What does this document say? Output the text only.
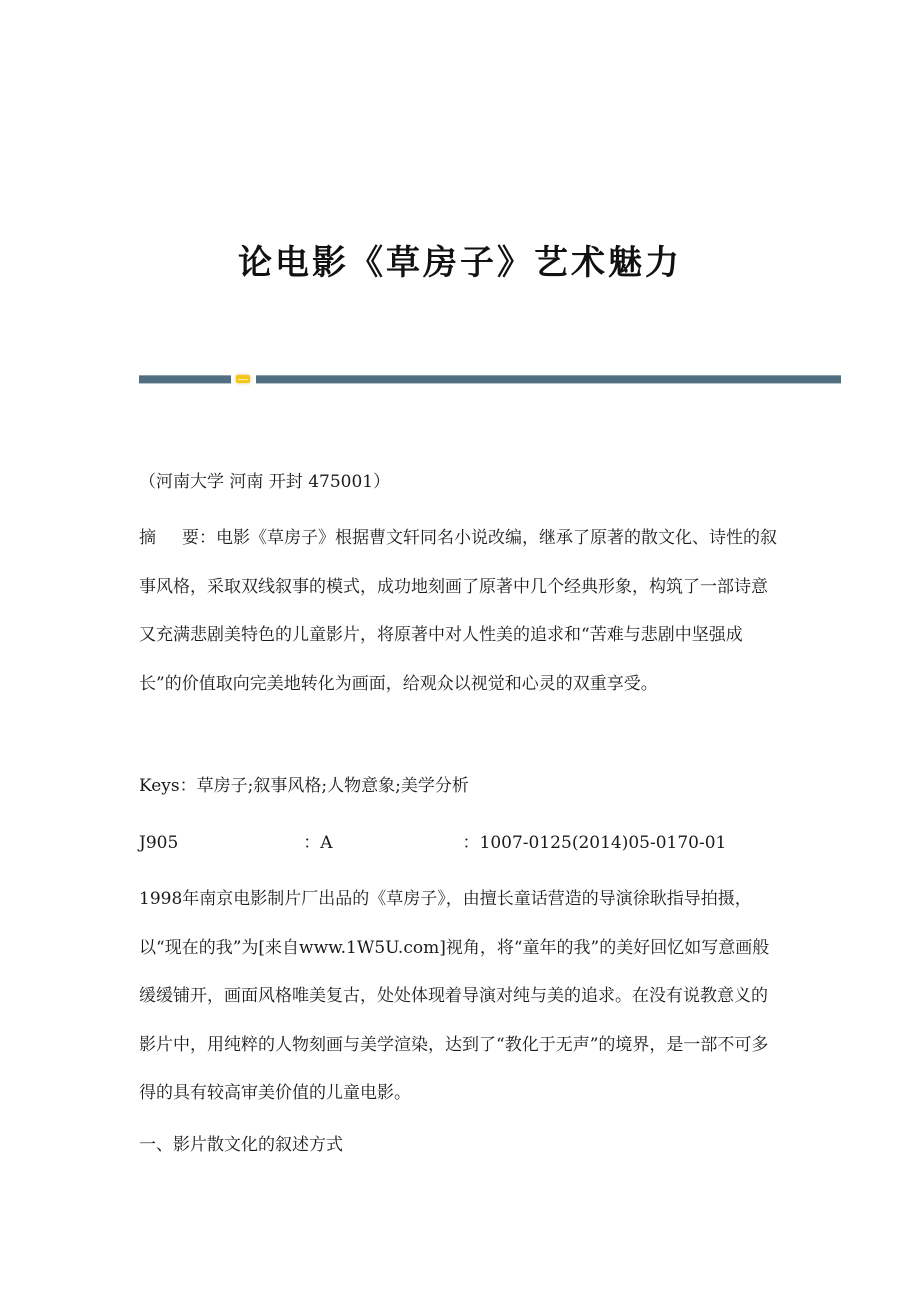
论电影《草房子》艺术魅力
（河南大学 河南 开封 475001）
摘 要：电影《草房子》根据曹文轩同名小说改编，继承了原著的散文化、诗性的叙事风格，采取双线叙事的模式，成功地刻画了原著中几个经典形象，构筑了一部诗意又充满悲剧美特色的儿童影片，将原著中对人性美的追求和“苦难与悲剧中坚强成长”的价值取向完美地转化为画面，给观众以视觉和心灵的双重享受。
Keys：草房子;叙事风格;人物意象;美学分析
J905	：A	：1007-0125(2014)05-0170-01
1998年南京电影制片厂出品的《草房子》，由擅长童话营造的导演徐耿指导拍摄，以“现在的我”为[来自www.1W5U.com]视角，将“童年的我”的美好回忆如写意画般缓缓铺开，画面风格唯美复古，处处体现着导演对纯与美的追求。在没有说教意义的影片中，用纯粹的人物刻画与美学渲染，达到了“教化于无声”的境界，是一部不可多得的具有较高审美价值的儿童电影。
一、影片散文化的叙述方式
